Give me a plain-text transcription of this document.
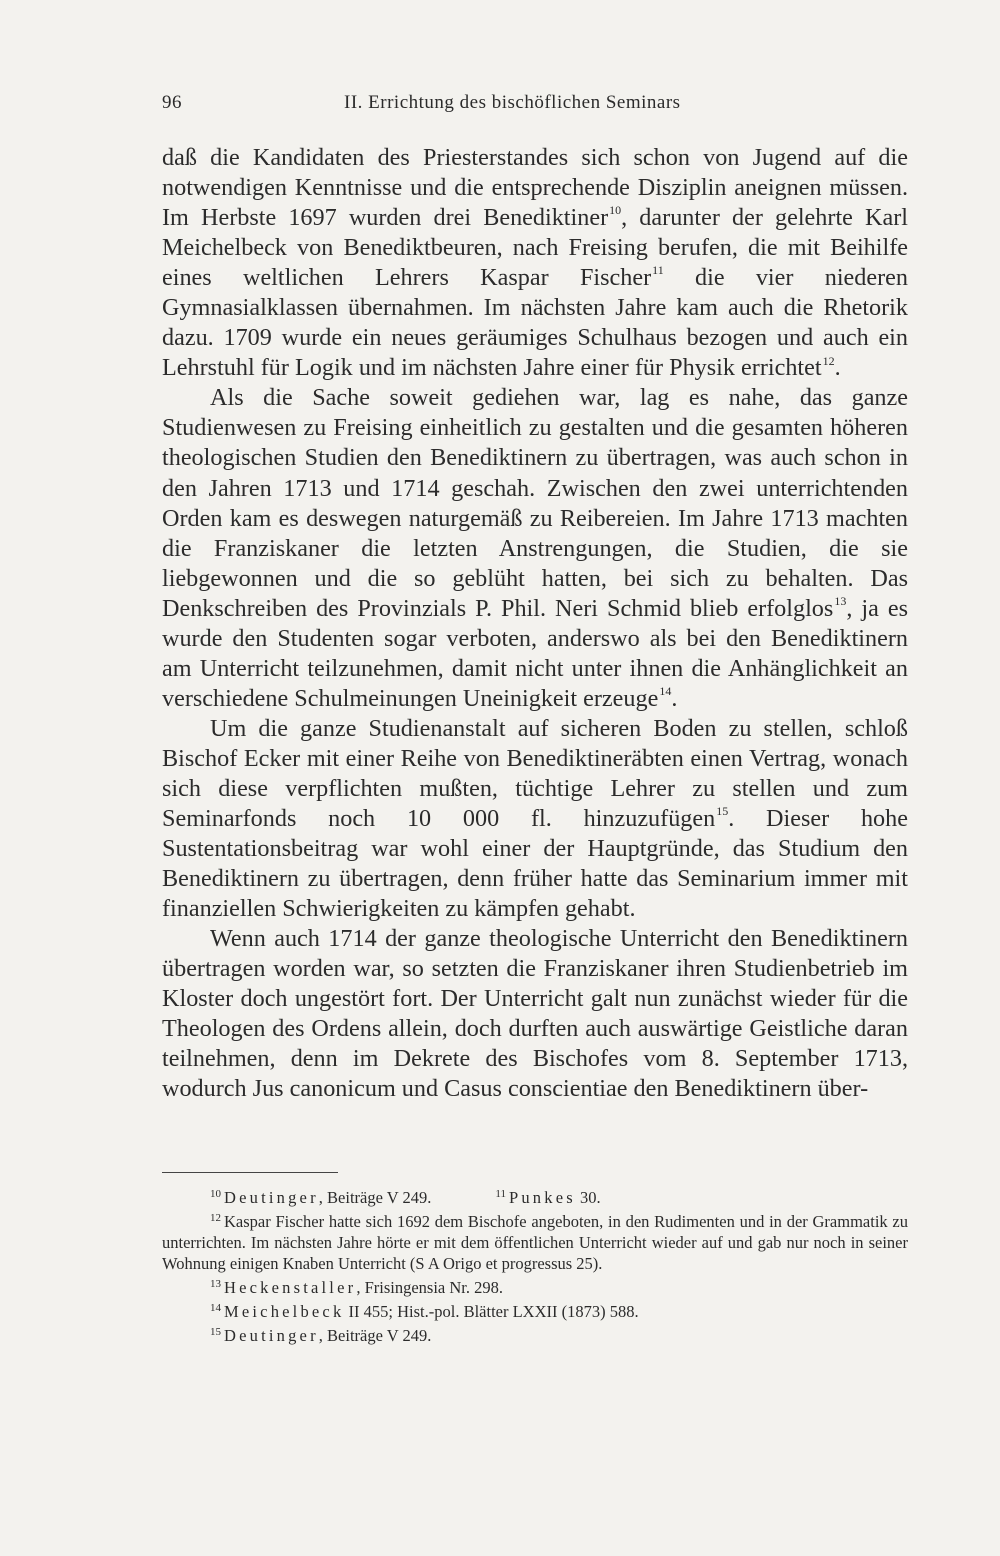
96	II. Errichtung des bischöflichen Seminars

daß die Kandidaten des Priesterstandes sich schon von Jugend auf die notwendigen Kenntnisse und die entsprechende Disziplin aneignen müssen. Im Herbste 1697 wurden drei Benediktiner$^{10}$, darunter der gelehrte Karl Meichelbeck von Benediktbeuren, nach Freising berufen, die mit Beihilfe eines weltlichen Lehrers Kaspar Fischer$^{11}$ die vier niederen Gymnasialklassen übernahmen. Im nächsten Jahre kam auch die Rhetorik dazu. 1709 wurde ein neues geräumiges Schulhaus bezogen und auch ein Lehrstuhl für Logik und im nächsten Jahre einer für Physik errichtet$^{12}$.

Als die Sache soweit gediehen war, lag es nahe, das ganze Studienwesen zu Freising einheitlich zu gestalten und die gesamten höheren theologischen Studien den Benediktinern zu übertragen, was auch schon in den Jahren 1713 und 1714 geschah. Zwischen den zwei unterrichtenden Orden kam es deswegen naturgemäß zu Reibereien. Im Jahre 1713 machten die Franziskaner die letzten Anstrengungen, die Studien, die sie liebgewonnen und die so geblüht hatten, bei sich zu behalten. Das Denkschreiben des Provinzials P. Phil. Neri Schmid blieb erfolglos$^{13}$, ja es wurde den Studenten sogar verboten, anderswo als bei den Benediktinern am Unterricht teilzunehmen, damit nicht unter ihnen die Anhänglichkeit an verschiedene Schulmeinungen Uneinigkeit erzeuge$^{14}$.

Um die ganze Studienanstalt auf sicheren Boden zu stellen, schloß Bischof Ecker mit einer Reihe von Benediktineräbten einen Vertrag, wonach sich diese verpflichten mußten, tüchtige Lehrer zu stellen und zum Seminarfonds noch 10 000 fl. hinzuzufügen$^{15}$. Dieser hohe Sustentationsbeitrag war wohl einer der Hauptgründe, das Studium den Benediktinern zu übertragen, denn früher hatte das Seminarium immer mit finanziellen Schwierigkeiten zu kämpfen gehabt.

Wenn auch 1714 der ganze theologische Unterricht den Benediktinern übertragen worden war, so setzten die Franziskaner ihren Studienbetrieb im Kloster doch ungestört fort. Der Unterricht galt nun zunächst wieder für die Theologen des Ordens allein, doch durften auch auswärtige Geistliche daran teilnehmen, denn im Dekrete des Bischofes vom 8. September 1713, wodurch Jus canonicum und Casus conscientiae den Benediktinern über-

$^{10}$ Deutinger, Beiträge V 249.	$^{11}$ Punkes 30.

$^{12}$ Kaspar Fischer hatte sich 1692 dem Bischofe angeboten, in den Rudimenten und in der Grammatik zu unterrichten. Im nächsten Jahre hörte er mit dem öffentlichen Unterricht wieder auf und gab nur noch in seiner Wohnung einigen Knaben Unterricht (S A Origo et progressus 25).

$^{13}$ Heckenstaller, Frisingensia Nr. 298.

$^{14}$ Meichelbeck II 455; Hist.-pol. Blätter LXXII (1873) 588.

$^{15}$ Deutinger, Beiträge V 249.
